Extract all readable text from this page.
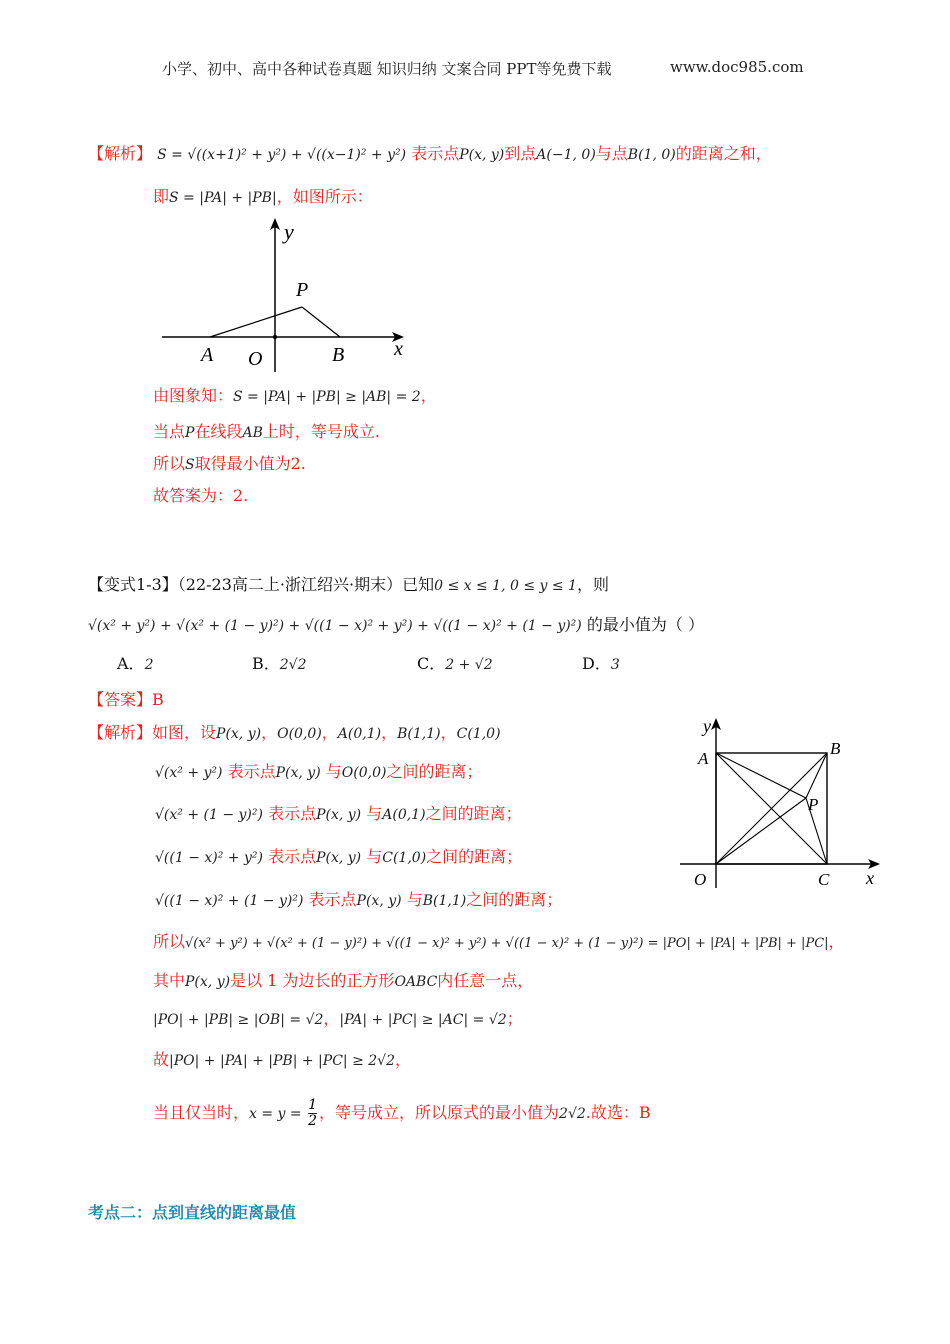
小学、初中、高中各种试卷真题 知识归纳 文案合同 PPT等免费下载	www.doc985.com
【解析】 S = √((x+1)² + y²) + √((x−1)² + y²) 表示点P(x, y)到点A(−1, 0)与点B(1, 0)的距离之和，
即S = |PA| + |PB|，如图所示：
y
P
A O	B x
由图象知：S = |PA| + |PB| ≥ |AB| = 2，
当点P在线段AB上时，等号成立.
所以S取得最小值为2.
故答案为：2.
【变式1-3】（22-23高二上·浙江绍兴·期末）已知0 ≤ x ≤ 1, 0 ≤ y ≤ 1，则
√(x² + y²) + √(x² + (1 − y)²) + √((1 − x)² + y²) + √((1 − x)² + (1 − y)²) 的最小值为（ ）
A．2	B．2√2	C．2 + √2	D．3
【答案】B
【解析】如图，设P(x, y)，O(0,0)，A(0,1)，B(1,1)，C(1,0)
√(x² + y²) 表示点P(x, y) 与O(0,0)之间的距离；
√(x² + (1 − y)²) 表示点P(x, y) 与A(0,1)之间的距离；
√((1 − x)² + y²) 表示点P(x, y) 与C(1,0)之间的距离；
√((1 − x)² + (1 − y)²) 表示点P(x, y) 与B(1,1)之间的距离；
所以√(x² + y²) + √(x² + (1 − y)²) + √((1 − x)² + y²) + √((1 − x)² + (1 − y)²) = |PO| + |PA| + |PB| + |PC|，
其中P(x, y)是以 1 为边长的正方形OABC内任意一点，
|PO| + |PB| ≥ |OB| = √2，|PA| + |PC| ≥ |AC| = √2；
故|PO| + |PA| + |PB| + |PC| ≥ 2√2，
当且仅当时，$x = y = \frac{1}{2}$ ，等号成立，所以原式的最小值为2√2.故选：B
y
A
B
P
O	C x
考点二：点到直线的距离最值
